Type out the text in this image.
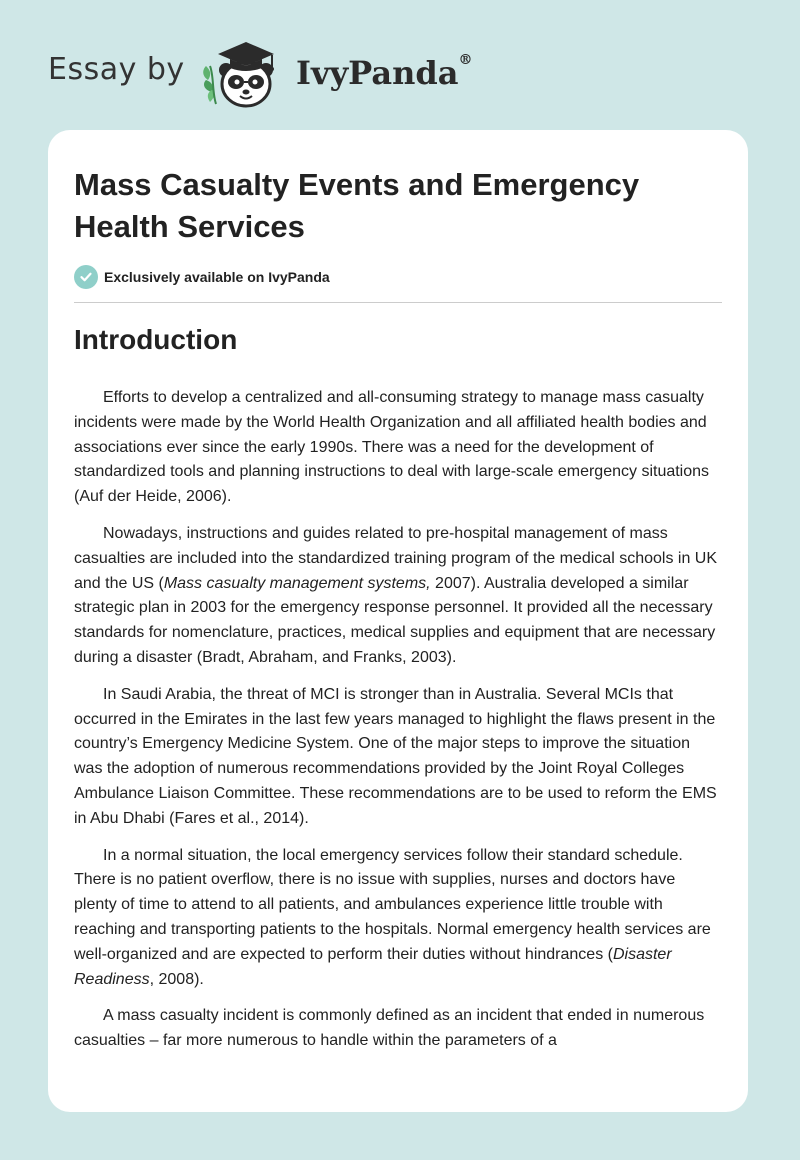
Essay by	IvyPanda®
Mass Casualty Events and Emergency Health Services
Exclusively available on IvyPanda
Introduction

Efforts to develop a centralized and all-consuming strategy to manage mass casualty incidents were made by the World Health Organization and all affiliated health bodies and associations ever since the early 1990s. There was a need for the development of standardized tools and planning instructions to deal with large-scale emergency situations (Auf der Heide, 2006).

Nowadays, instructions and guides related to pre-hospital management of mass casualties are included into the standardized training program of the medical schools in UK and the US (Mass casualty management systems, 2007). Australia developed a similar strategic plan in 2003 for the emergency response personnel. It provided all the necessary standards for nomenclature, practices, medical supplies and equipment that are necessary during a disaster (Bradt, Abraham, and Franks, 2003).

In Saudi Arabia, the threat of MCI is stronger than in Australia. Several MCIs that occurred in the Emirates in the last few years managed to highlight the flaws present in the country’s Emergency Medicine System. One of the major steps to improve the situation was the adoption of numerous recommendations provided by the Joint Royal Colleges Ambulance Liaison Committee. These recommendations are to be used to reform the EMS in Abu Dhabi (Fares et al., 2014).

In a normal situation, the local emergency services follow their standard schedule. There is no patient overflow, there is no issue with supplies, nurses and doctors have plenty of time to attend to all patients, and ambulances experience little trouble with reaching and transporting patients to the hospitals. Normal emergency health services are well-organized and are expected to perform their duties without hindrances (Disaster Readiness, 2008).

A mass casualty incident is commonly defined as an incident that ended in numerous casualties – far more numerous to handle within the parameters of a
